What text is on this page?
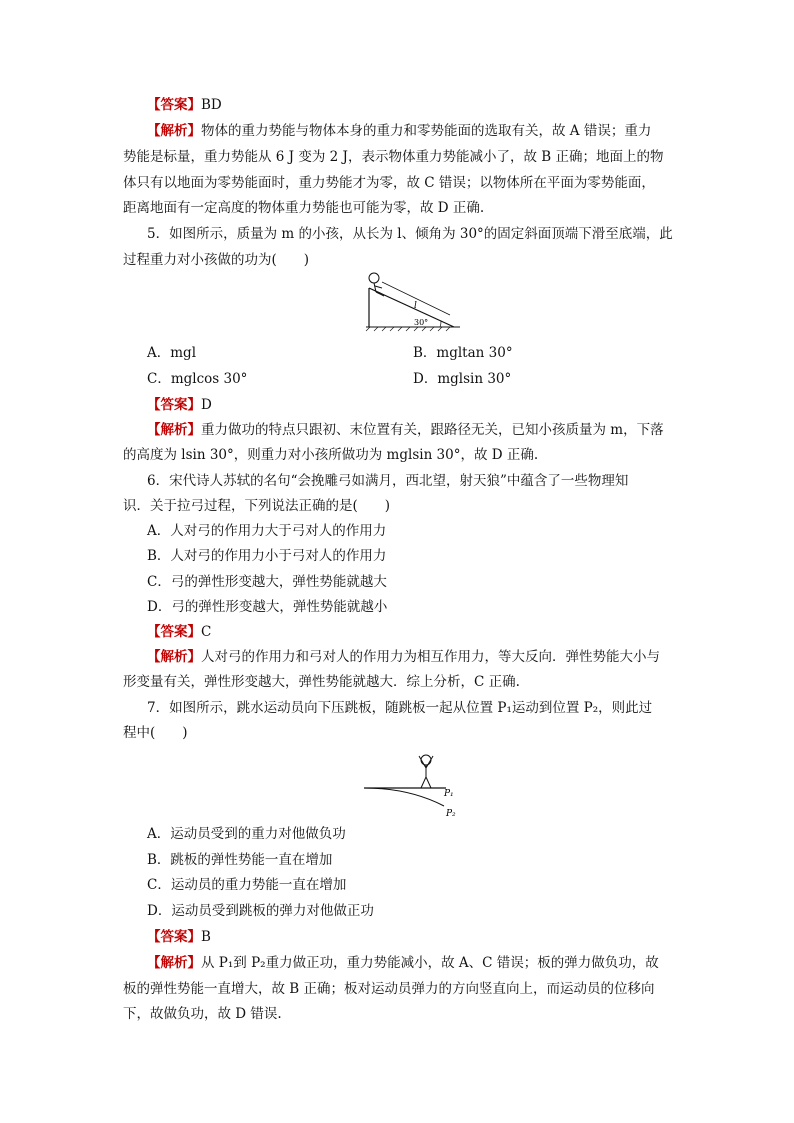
【答案】BD
【解析】物体的重力势能与物体本身的重力和零势能面的选取有关，故 A 错误；重力
势能是标量，重力势能从 6 J 变为 2 J，表示物体重力势能减小了，故 B 正确；地面上的物
体只有以地面为零势能面时，重力势能才为零，故 C 错误；以物体所在平面为零势能面，
距离地面有一定高度的物体重力势能也可能为零，故 D 正确.
5．如图所示，质量为 m 的小孩，从长为 l、倾角为 30°的固定斜面顶端下滑至底端，此
过程重力对小孩做的功为(　　)
l
30°
A．mgl	B．mgltan 30°
C．mglcos 30°	D．mglsin 30°
【答案】D
【解析】重力做功的特点只跟初、末位置有关，跟路径无关，已知小孩质量为 m，下落
的高度为 lsin 30°，则重力对小孩所做功为 mglsin 30°，故 D 正确.
6．宋代诗人苏轼的名句“会挽雕弓如满月，西北望，射天狼”中蕴含了一些物理知
识．关于拉弓过程，下列说法正确的是(　　)
A．人对弓的作用力大于弓对人的作用力
B．人对弓的作用力小于弓对人的作用力
C．弓的弹性形变越大，弹性势能就越大
D．弓的弹性形变越大，弹性势能就越小
【答案】C
【解析】人对弓的作用力和弓对人的作用力为相互作用力，等大反向．弹性势能大小与
形变量有关，弹性形变越大，弹性势能就越大．综上分析，C 正确.
7．如图所示，跳水运动员向下压跳板，随跳板一起从位置 P₁运动到位置 P₂，则此过
程中(　　)
P₁
P₂
A．运动员受到的重力对他做负功
B．跳板的弹性势能一直在增加
C．运动员的重力势能一直在增加
D．运动员受到跳板的弹力对他做正功
【答案】B
【解析】从 P₁到 P₂重力做正功，重力势能减小，故 A、C 错误；板的弹力做负功，故
板的弹性势能一直增大，故 B 正确；板对运动员弹力的方向竖直向上，而运动员的位移向
下，故做负功，故 D 错误.
